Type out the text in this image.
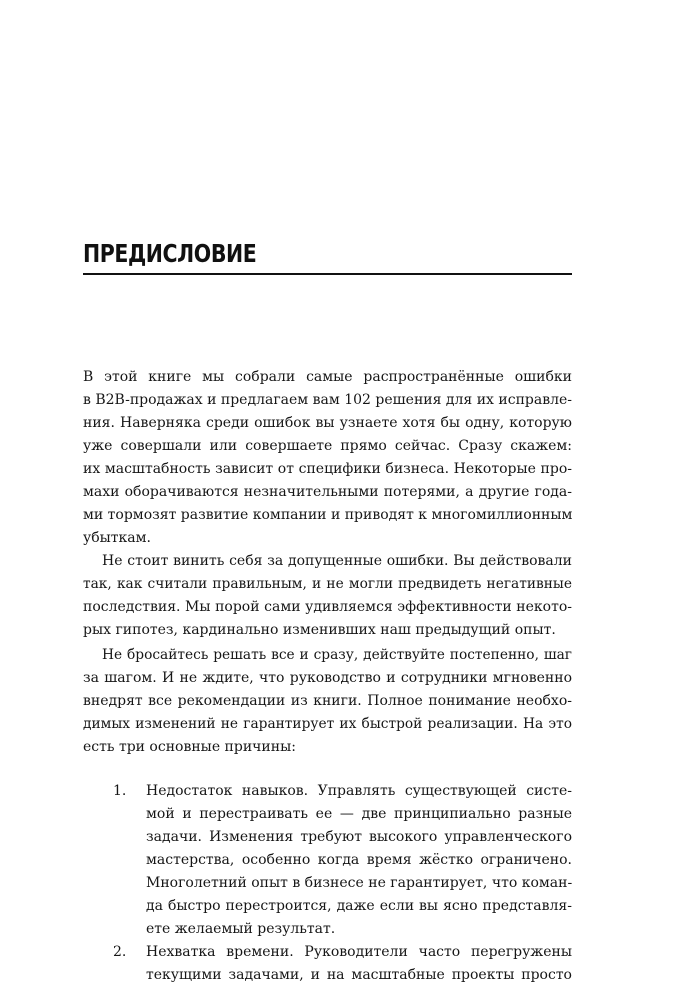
ПРЕДИСЛОВИЕ

В этой книге мы собрали самые распространённые ошибки

в B2B-продажах и предлагаем вам 102 решения для их исправле-

ния. Наверняка среди ошибок вы узнаете хотя бы одну, которую

уже совершали или совершаете прямо сейчас. Сразу скажем:

их масштабность зависит от специфики бизнеса. Некоторые про-

махи оборачиваются незначительными потерями, а другие года-

ми тормозят развитие компании и приводят к многомиллионным

убыткам.

Не стоит винить себя за допущенные ошибки. Вы действовали

так, как считали правильным, и не могли предвидеть негативные

последствия. Мы порой сами удивляемся эффективности некото-

рых гипотез, кардинально изменивших наш предыдущий опыт.

Не бросайтесь решать все и сразу, действуйте постепенно, шаг

за шагом. И не ждите, что руководство и сотрудники мгновенно

внедрят все рекомендации из книги. Полное понимание необхо-

димых изменений не гарантирует их быстрой реализации. На это

есть три основные причины:

1. Недостаток навыков. Управлять существующей систе-

мой и перестраивать ее — две принципиально разные

задачи. Изменения требуют высокого управленческого

мастерства, особенно когда время жёстко ограничено.

Многолетний опыт в бизнесе не гарантирует, что коман-

да быстро перестроится, даже если вы ясно представля-

ете желаемый результат.

2. Нехватка времени. Руководители часто перегружены

текущими задачами, и на масштабные проекты просто
